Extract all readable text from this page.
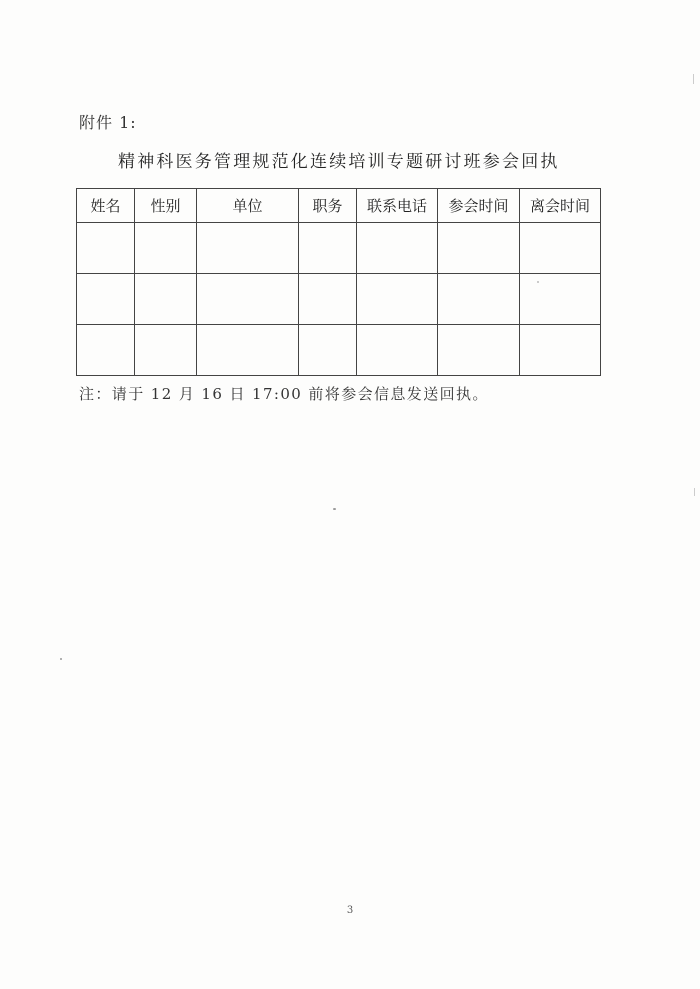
附件 1:
精神科医务管理规范化连续培训专题研讨班参会回执
姓名	性别	单位	职务	联系电话	参会时间	离会时间

注：请于 12 月 16 日 17:00 前将参会信息发送回执。
3
